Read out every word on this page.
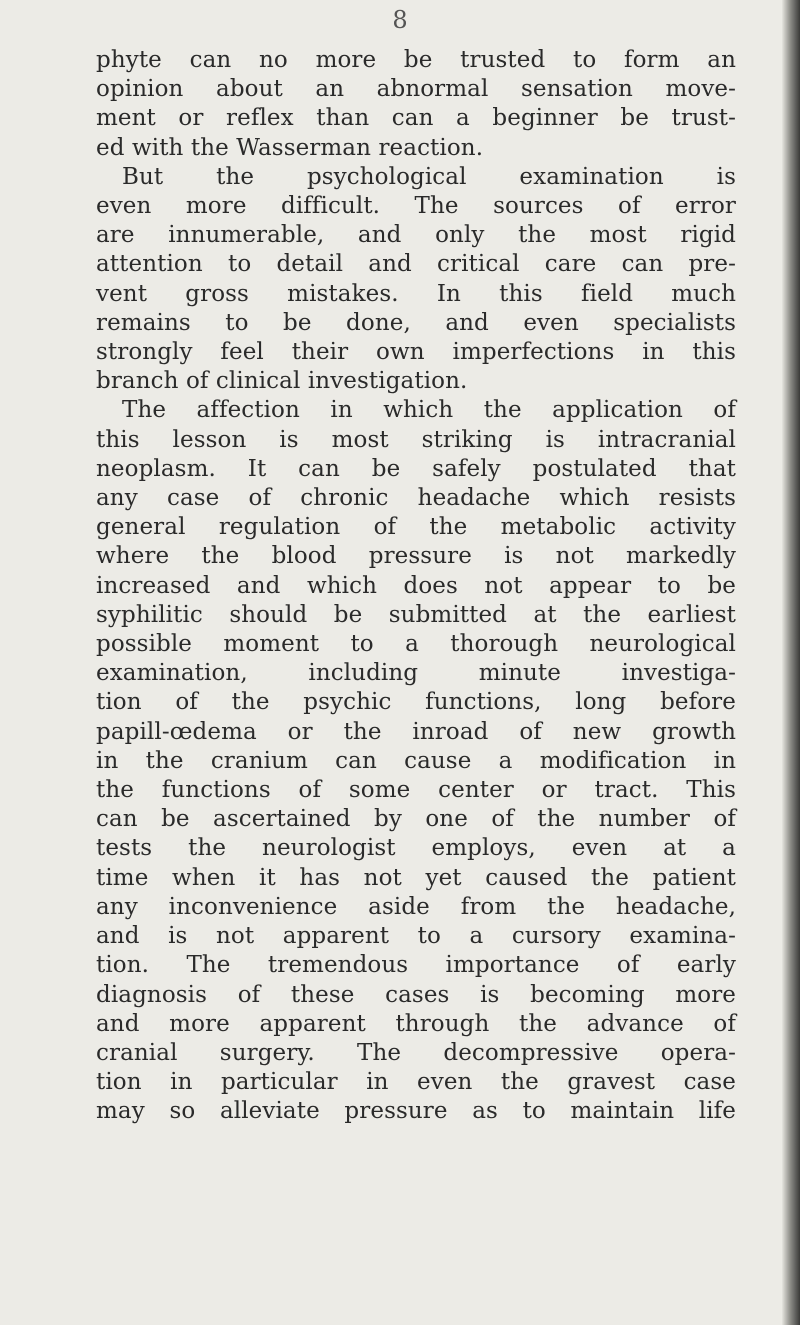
8
phyte can no more be trusted to form an
opinion about an abnormal sensation move-
ment or reflex than can a beginner be trust-
ed with the Wasserman reaction.
But the psychological examination is
even more difficult. The sources of error
are innumerable, and only the most rigid
attention to detail and critical care can pre-
vent gross mistakes. In this field much
remains to be done, and even specialists
strongly feel their own imperfections in this
branch of clinical investigation.
The affection in which the application of
this lesson is most striking is intracranial
neoplasm. It can be safely postulated that
any case of chronic headache which resists
general regulation of the metabolic activity
where the blood pressure is not markedly
increased and which does not appear to be
syphilitic should be submitted at the earliest
possible moment to a thorough neurological
examination, including minute investiga-
tion of the psychic functions, long before
papill-œdema or the inroad of new growth
in the cranium can cause a modification in
the functions of some center or tract. This
can be ascertained by one of the number of
tests the neurologist employs, even at a
time when it has not yet caused the patient
any inconvenience aside from the headache,
and is not apparent to a cursory examina-
tion. The tremendous importance of early
diagnosis of these cases is becoming more
and more apparent through the advance of
cranial surgery. The decompressive opera-
tion in particular in even the gravest case
may so alleviate pressure as to maintain life
